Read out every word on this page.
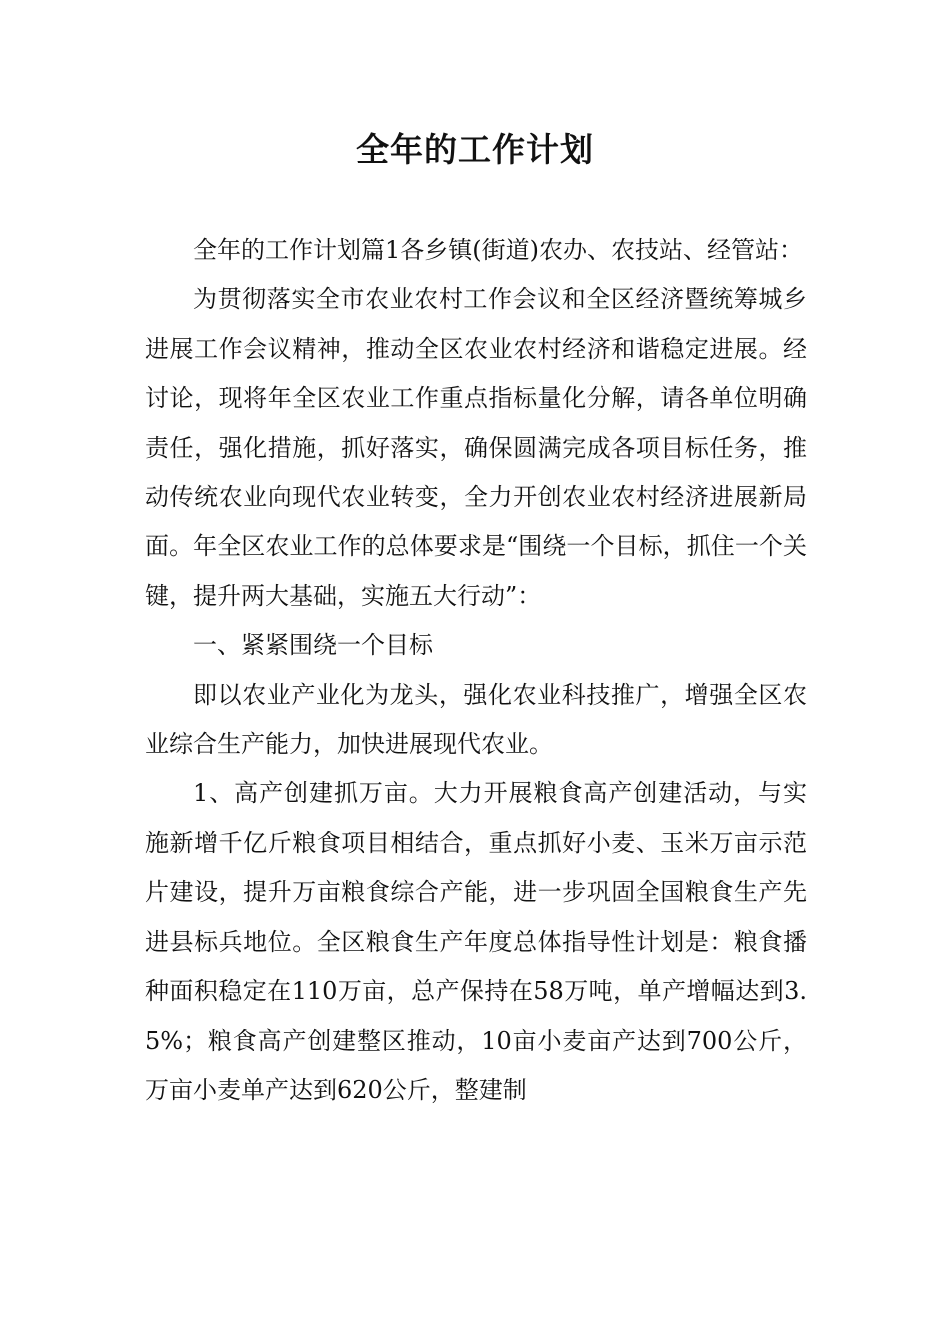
全年的工作计划

全年的工作计划篇1各乡镇(街道)农办、农技站、经管站：

为贯彻落实全市农业农村工作会议和全区经济暨统筹城乡进展工作会议精神，推动全区农业农村经济和谐稳定进展。经讨论，现将年全区农业工作重点指标量化分解，请各单位明确责任，强化措施，抓好落实，确保圆满完成各项目标任务，推动传统农业向现代农业转变，全力开创农业农村经济进展新局面。年全区农业工作的总体要求是“围绕一个目标，抓住一个关键，提升两大基础，实施五大行动”：

一、紧紧围绕一个目标

即以农业产业化为龙头，强化农业科技推广，增强全区农业综合生产能力，加快进展现代农业。

1、高产创建抓万亩。大力开展粮食高产创建活动，与实施新增千亿斤粮食项目相结合，重点抓好小麦、玉米万亩示范片建设，提升万亩粮食综合产能，进一步巩固全国粮食生产先进县标兵地位。全区粮食生产年度总体指导性计划是：粮食播种面积稳定在110万亩，总产保持在58万吨，单产增幅达到3.5%；粮食高产创建整区推动，10亩小麦亩产达到700公斤，万亩小麦单产达到620公斤，整建制
